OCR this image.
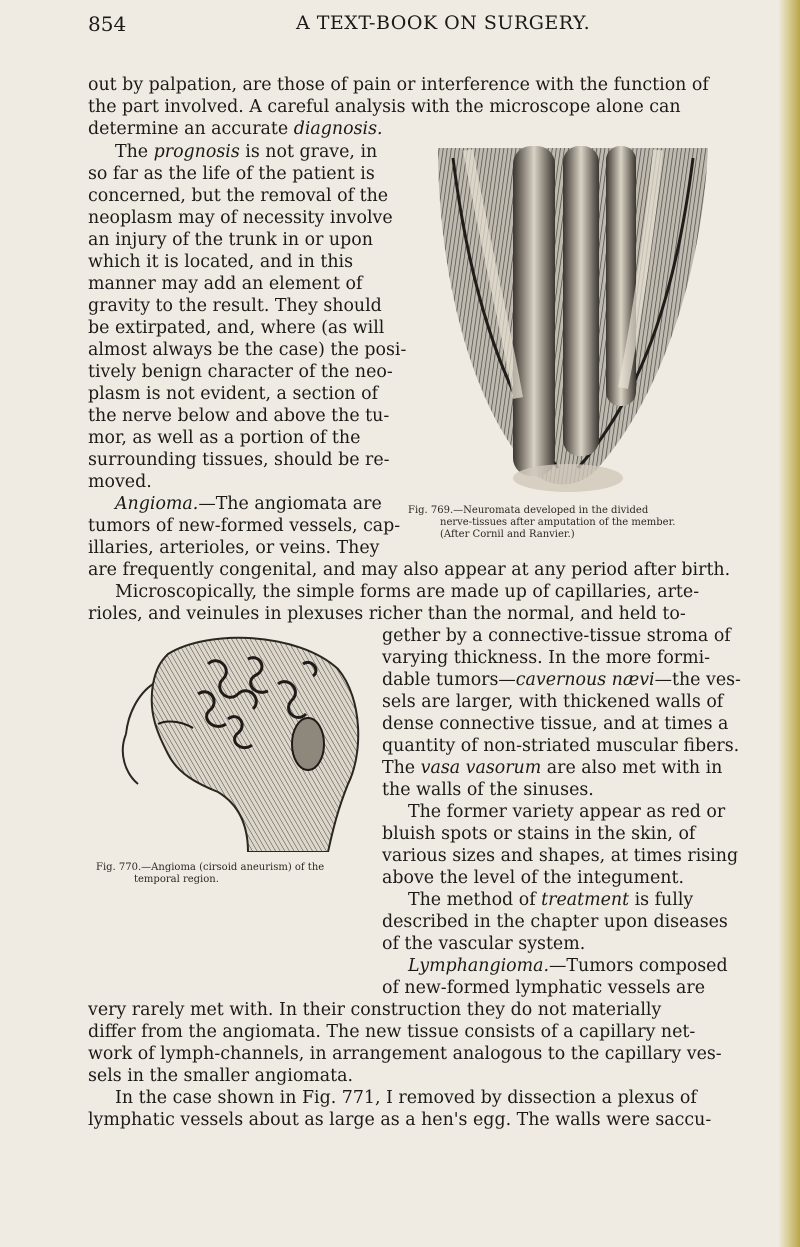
854	A TEXT-BOOK ON SURGERY.
out by palpation, are those of pain or interference with the function of
the part involved. A careful analysis with the microscope alone can
determine an accurate diagnosis.
The prognosis is not grave, in
so far as the life of the patient is
concerned, but the removal of the
neoplasm may of necessity involve
an injury of the trunk in or upon
which it is located, and in this
manner may add an element of
gravity to the result. They should
be extirpated, and, where (as will
almost always be the case) the posi-
tively benign character of the neo-
plasm is not evident, a section of
the nerve below and above the tu-
mor, as well as a portion of the
surrounding tissues, should be re-
moved.
Angioma.—The angiomata are
tumors of new-formed vessels, cap-
illaries, arterioles, or veins. They
Fig. 769.—Neuromata developed in the divided
nerve-tissues after amputation of the member.
(After Cornil and Ranvier.)
are frequently congenital, and may also appear at any period after birth.
Microscopically, the simple forms are made up of capillaries, arte-
rioles, and veinules in plexuses richer than the normal, and held to-
Fig. 770.—Angioma (cirsoid aneurism) of the
temporal region.
gether by a connective-tissue stroma of
varying thickness. In the more formi-
dable tumors—cavernous nævi—the ves-
sels are larger, with thickened walls of
dense connective tissue, and at times a
quantity of non-striated muscular fibers.
The vasa vasorum are also met with in
the walls of the sinuses.
The former variety appear as red or
bluish spots or stains in the skin, of
various sizes and shapes, at times rising
above the level of the integument.
The method of treatment is fully
described in the chapter upon diseases
of the vascular system.
Lymphangioma.—Tumors composed
of new-formed lymphatic vessels are
very rarely met with. In their construction they do not materially
differ from the angiomata. The new tissue consists of a capillary net-
work of lymph-channels, in arrangement analogous to the capillary ves-
sels in the smaller angiomata.
In the case shown in Fig. 771, I removed by dissection a plexus of
lymphatic vessels about as large as a hen's egg. The walls were saccu-
